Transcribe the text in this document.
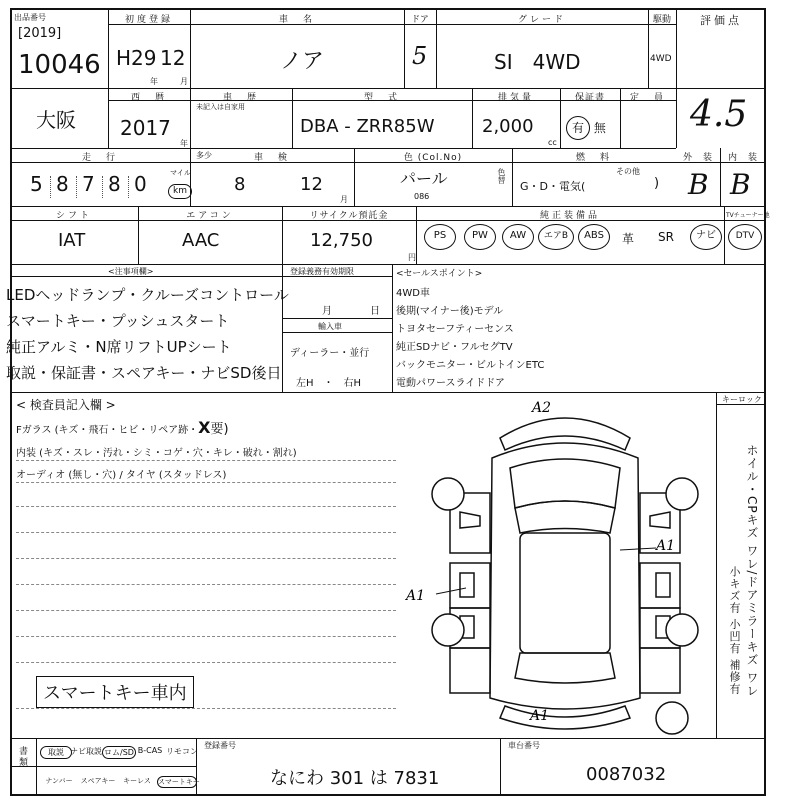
出品番号
[2019]
10046
初度登録
H29 12
年	月
車　名
ノア
ドア
5
グレード
SI　4WD
駆動
4WD
評価点
4.5
大阪
西　暦
2017
年
車　歴
未記入は自家用
型　式
DBA - ZRR85W
排気量
2,000
cc
保証書
有 無
定　員
走　行
5 8 7 8 0	マイル
km
多少	車　検
8	12
月
色 (Col.No)
パール
086
色替
燃　料
G・D・電気(
その他
)
外　装
B
内　装
B
シフト
IAT
エアコン
AAC
リサイクル預託金
12,750
円
純正装備品	TVチューナー他
PS	PW	AW	エアB	ABS	革 SR	ナビ	DTV
<注事項欄>
LEDヘッドランプ・クルーズコントロール
スマートキー・プッシュスタート
純正アルミ・N席リフトUPシート
取説・保証書・スペアキー・ナビSD後日
登録義務有効期限
月	日
輸入車
ディーラー・並行
左H　・　右H
<セールスポイント>
4WD車
後期(マイナー後)モデル
トヨタセーフティーセンス
純正SDナビ・フルセグTV
バックモニター・ビルトインETC
電動パワースライドドア
キーロック
< 検査員記入欄 >
Fガラス (キズ・飛石・ヒビ・リペア跡・X要)
内装 (キズ・スレ・汚れ・シミ・コゲ・穴・キレ・破れ・割れ)
オーディオ (無し・穴) / タイヤ (スタッドレス)
スマートキー車内	ホイル・CPキズ ワレ/ドアミラーキズ ワレ
小キズ有 小凹有 補修有
A2
A1
A1
A1
書類	取説 ナビ取説 ロム/SD B-CAS リモコン
ナンバー	スペアキー	キーレス	スマートキー
登録番号
なにわ 301 は 7831
車台番号
0087032
